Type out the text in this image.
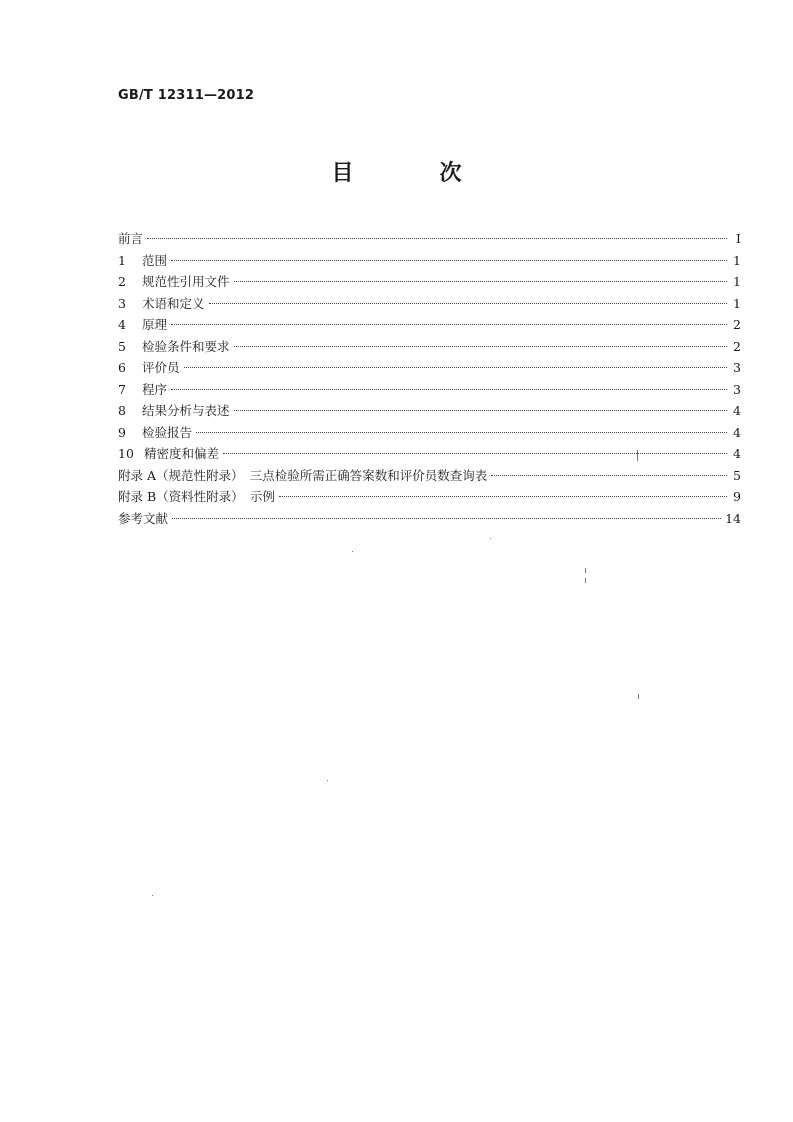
GB/T 12311—2012
目　次
前言	Ⅰ
1	范围	1
2	规范性引用文件	1
3	术语和定义	1
4	原理	2
5	检验条件和要求	2
6	评价员	3
7	程序	3
8	结果分析与表述	4
9	检验报告	4
10 精密度和偏差	4
附录 A（规范性附录）　三点检验所需正确答案数和评价员数查询表	5
附录 B（资料性附录）　示例	9
参考文献	14
